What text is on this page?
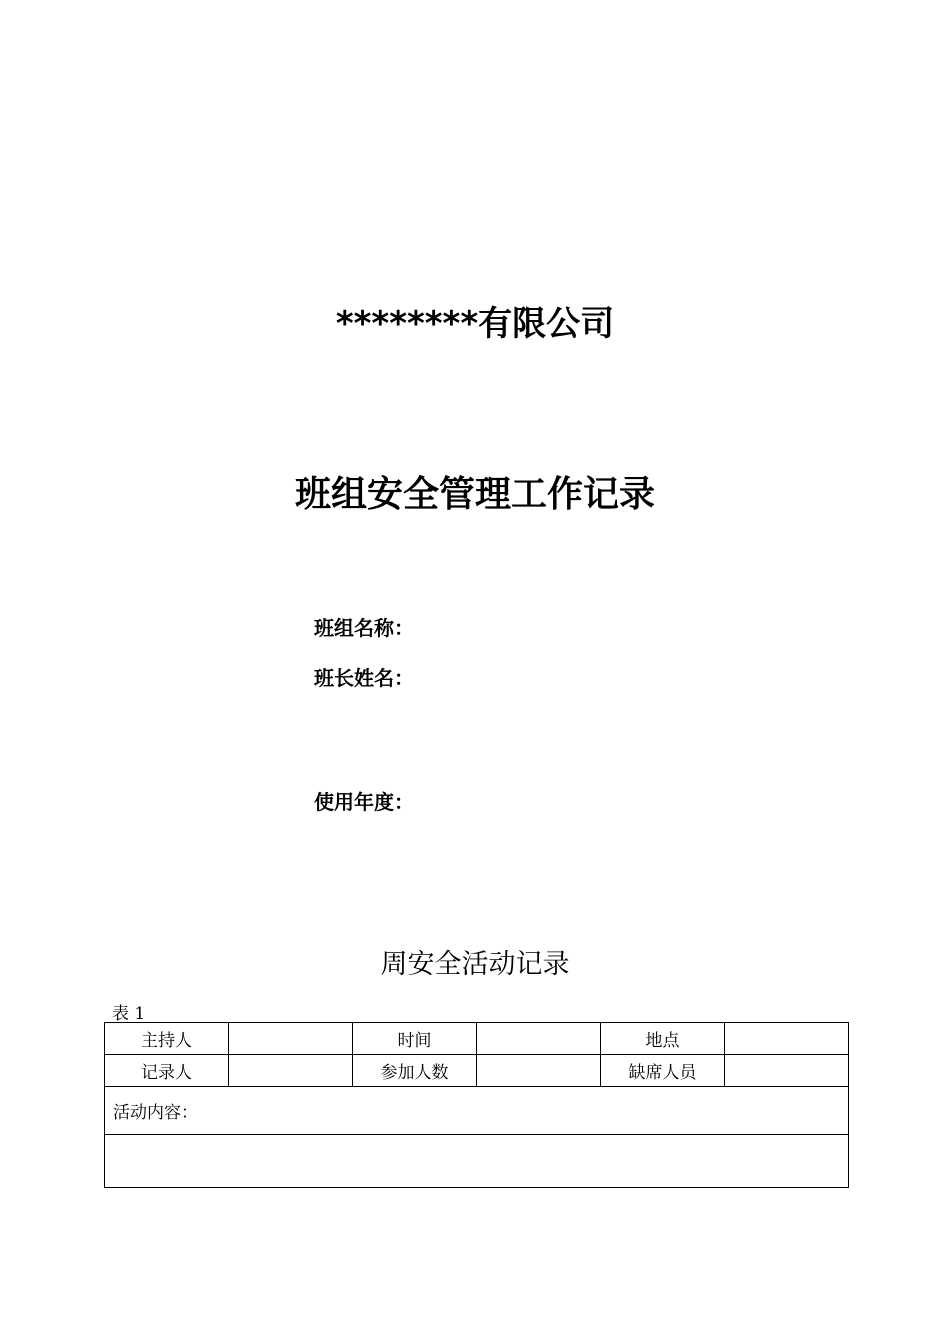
********有限公司
班组安全管理工作记录
班组名称：
班长姓名：
使用年度：
周安全活动记录
表 1
主持人		时间		地点	
记录人		参加人数		缺席人员	
活动内容：					
